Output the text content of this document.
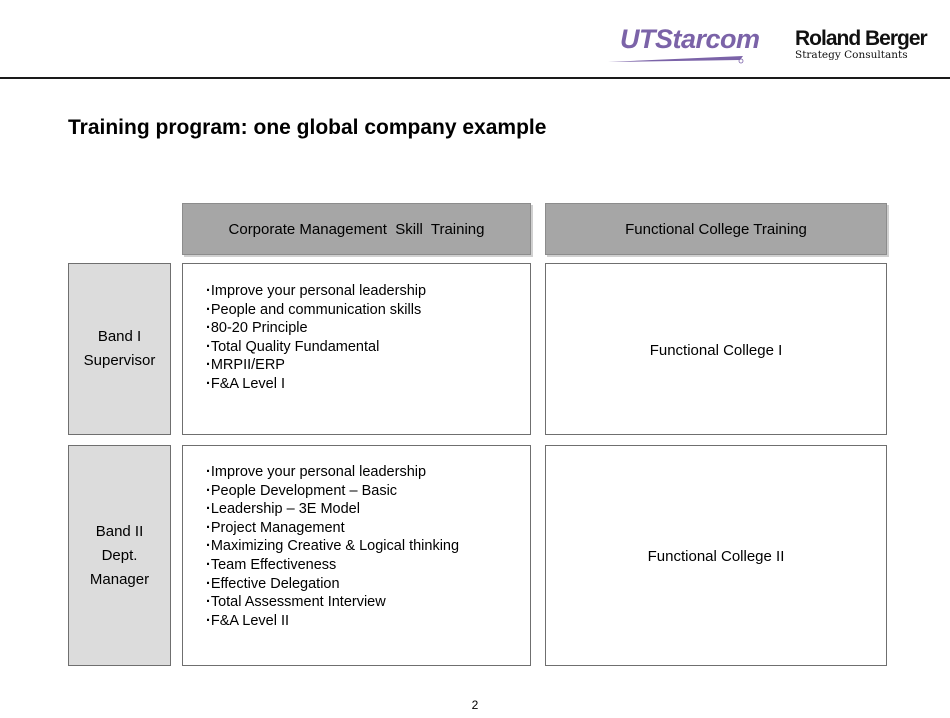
UTStarcom Roland Berger
Strategy Consultants
Training program: one global company example
Corporate Management  Skill  Training	Functional College Training
Band I
Supervisor
· Improve your personal leadership
· People and communication skills
· 80-20 Principle
· Total Quality Fundamental
· MRPII/ERP
· F&A Level I
Functional College I
Band II
Dept.
Manager
· Improve your personal leadership
· People Development – Basic
· Leadership – 3E Model
· Project Management
· Maximizing Creative & Logical thinking
· Team Effectiveness
· Effective Delegation
· Total Assessment Interview
· F&A Level II
Functional College II
2
